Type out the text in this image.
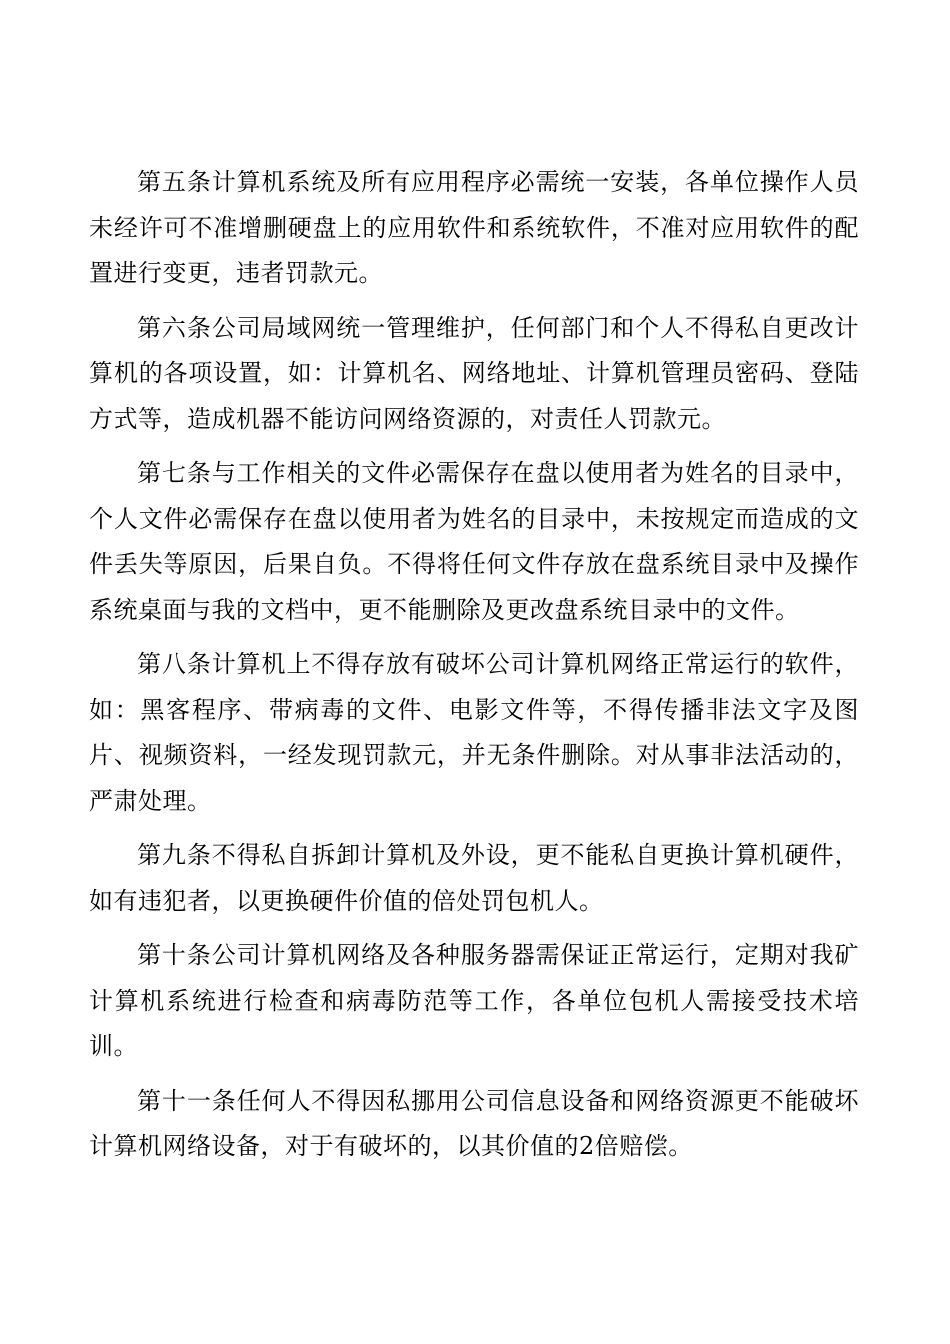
第五条计算机系统及所有应用程序必需统一安装，各单位操作人员未经许可不准增删硬盘上的应用软件和系统软件，不准对应用软件的配置进行变更，违者罚款元。

第六条公司局域网统一管理维护，任何部门和个人不得私自更改计算机的各项设置，如：计算机名、网络地址、计算机管理员密码、登陆方式等，造成机器不能访问网络资源的，对责任人罚款元。

第七条与工作相关的文件必需保存在盘以使用者为姓名的目录中，个人文件必需保存在盘以使用者为姓名的目录中，未按规定而造成的文件丢失等原因，后果自负。不得将任何文件存放在盘系统目录中及操作系统桌面与我的文档中，更不能删除及更改盘系统目录中的文件。

第八条计算机上不得存放有破坏公司计算机网络正常运行的软件，如：黑客程序、带病毒的文件、电影文件等，不得传播非法文字及图片、视频资料，一经发现罚款元，并无条件删除。对从事非法活动的，严肃处理。

第九条不得私自拆卸计算机及外设，更不能私自更换计算机硬件，如有违犯者，以更换硬件价值的倍处罚包机人。

第十条公司计算机网络及各种服务器需保证正常运行，定期对我矿计算机系统进行检查和病毒防范等工作，各单位包机人需接受技术培训。

第十一条任何人不得因私挪用公司信息设备和网络资源更不能破坏计算机网络设备，对于有破坏的，以其价值的2倍赔偿。
